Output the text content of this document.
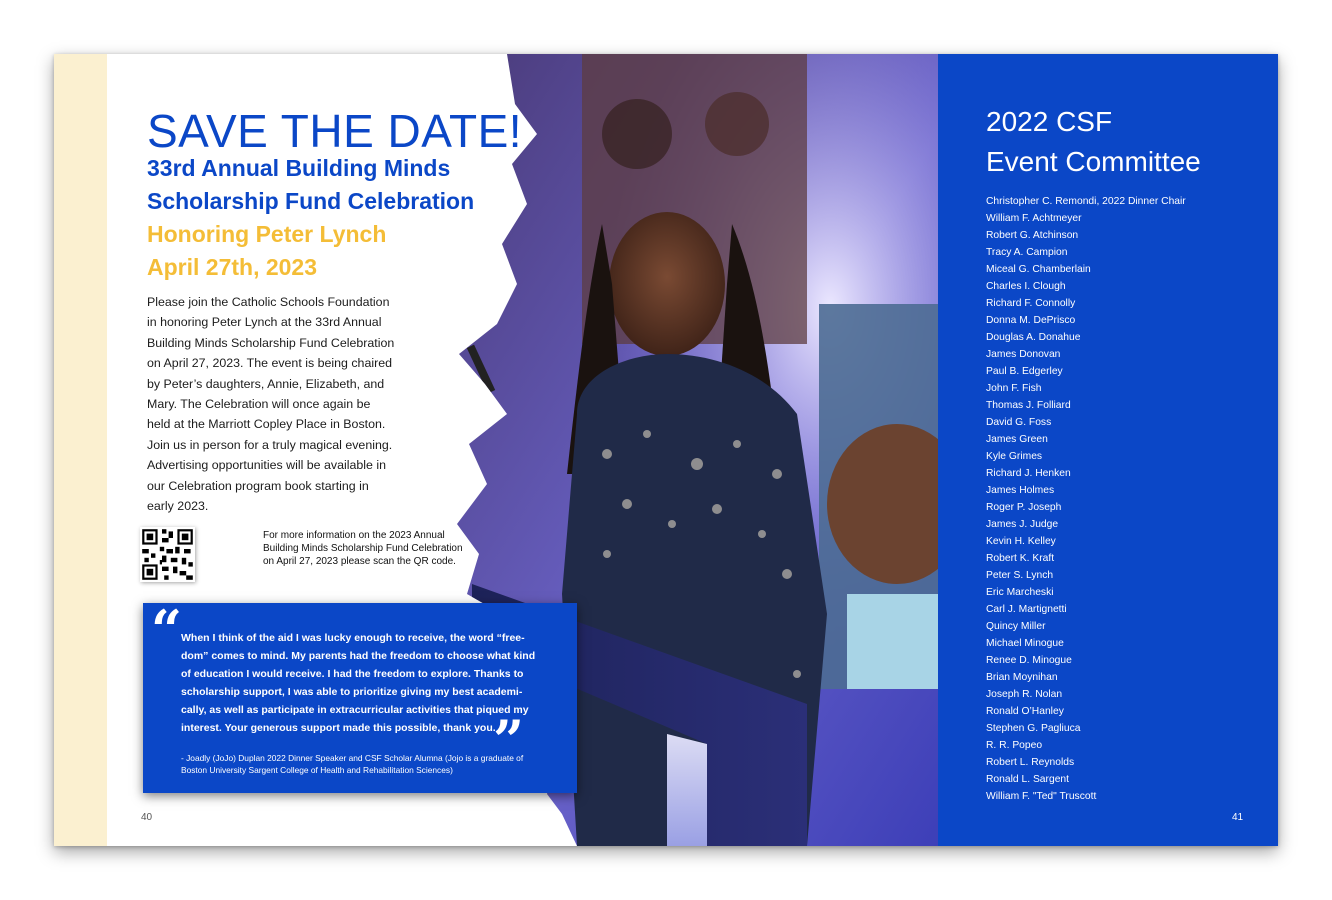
SAVE THE DATE!
33rd Annual Building Minds Scholarship Fund Celebration
Honoring Peter Lynch
April 27th, 2023

Please join the Catholic Schools Foundation in honoring Peter Lynch at the 33rd Annual Building Minds Scholarship Fund Celebration on April 27, 2023. The event is being chaired by Peter’s daughters, Annie, Elizabeth, and Mary. The Celebration will once again be held at the Marriott Copley Place in Boston. Join us in person for a truly magical evening. Advertising opportunities will be available in our Celebration program book starting in early 2023.

For more information on the 2023 Annual Building Minds Scholarship Fund Celebration on April 27, 2023 please scan the QR code.

“

When I think of the aid I was lucky enough to receive, the word “free-dom” comes to mind. My parents had the freedom to choose what kind of education I would receive. I had the freedom to explore. Thanks to scholarship support, I was able to prioritize giving my best academi-cally, as well as participate in extracurricular activities that piqued my interest. Your generous support made this possible, thank you.

”

- Joadly (JoJo) Duplan 2022 Dinner Speaker and CSF Scholar Alumna (Jojo is a graduate of Boston University Sargent College of Health and Rehabilitation Sciences)

40
2022 CSF
Event Committee
Christopher C. Remondi, 2022 Dinner Chair
William F. Achtmeyer
Robert G. Atchinson
Tracy A. Campion
Miceal G. Chamberlain
Charles I. Clough
Richard F. Connolly
Donna M. DePrisco
Douglas A. Donahue
James Donovan
Paul B. Edgerley
John F. Fish
Thomas J. Folliard
David G. Foss
James Green
Kyle Grimes
Richard J. Henken
James Holmes
Roger P. Joseph
James J. Judge
Kevin H. Kelley
Robert K. Kraft
Peter S. Lynch
Eric Marcheski
Carl J. Martignetti
Quincy Miller
Michael Minogue
Renee D. Minogue
Brian Moynihan
Joseph R. Nolan
Ronald O’Hanley
Stephen G. Pagliuca
R. R. Popeo
Robert L. Reynolds
Ronald L. Sargent
William F. "Ted" Truscott
41
